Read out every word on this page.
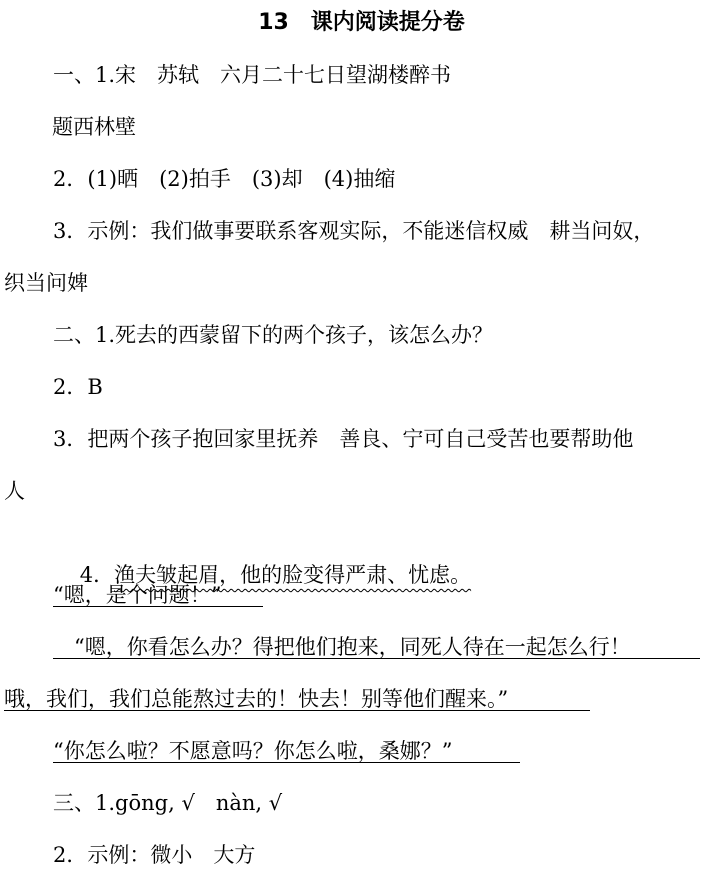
13　课内阅读提分卷
一、1.宋　苏轼　六月二十七日望湖楼醉书
题西林壁
2．(1)晒　(2)拍手　(3)却　(4)抽缩
3．示例：我们做事要联系客观实际，不能迷信权威　耕当问奴，
织当问婢
二、1.死去的西蒙留下的两个孩子，该怎么办？
2．B
3．把两个孩子抱回家里抚养　善良、宁可自己受苦也要帮助他
人

4．渔夫皱起眉，他的脸变得严肃、忧虑。

“嗯，是个问题！”
__“嗯，你看怎么办？得把他们抱来，同死人待在一起怎么行！
哦，我们，我们总能熬过去的！快去！别等他们醒来。”
“你怎么啦？不愿意吗？你怎么啦，桑娜？”
三、1.gōng, √　nàn, √
2．示例：微小　大方
